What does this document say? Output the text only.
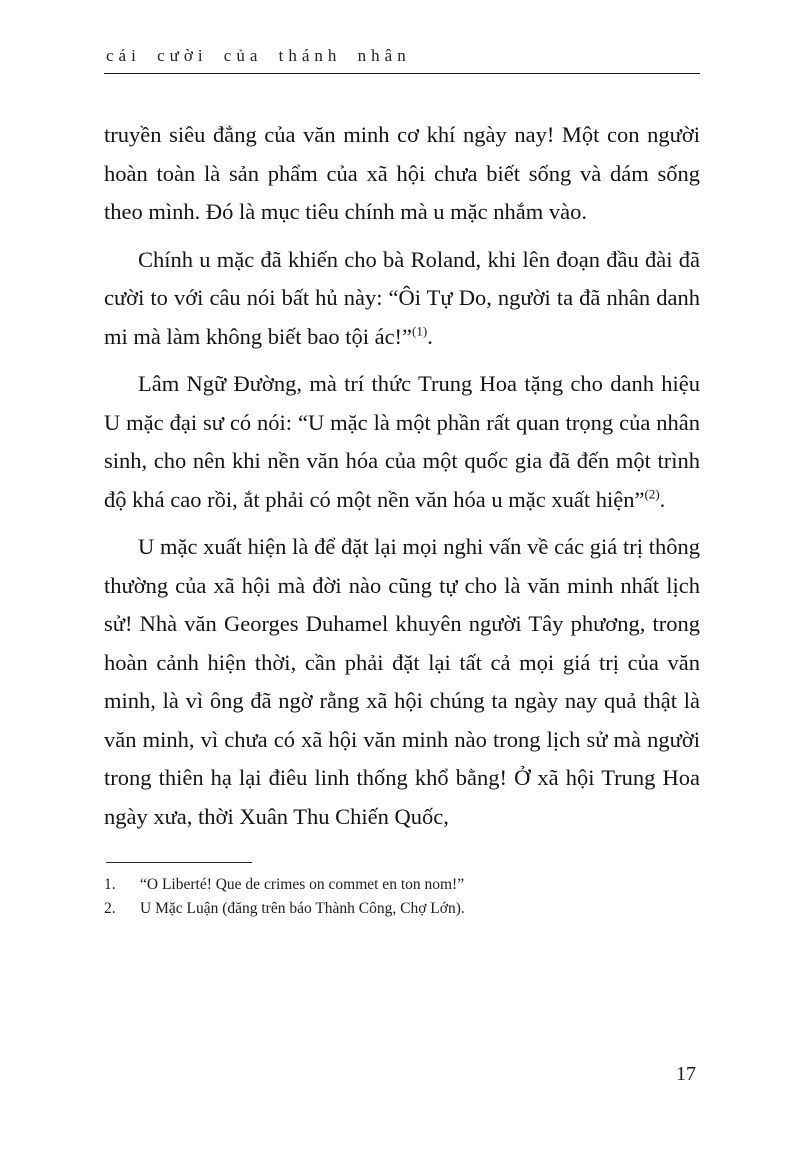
cái cười của thánh nhân

truyền siêu đẳng của văn minh cơ khí ngày nay! Một con người hoàn toàn là sản phẩm của xã hội chưa biết sống và dám sống theo mình. Đó là mục tiêu chính mà u mặc nhắm vào.

Chính u mặc đã khiến cho bà Roland, khi lên đoạn đầu đài đã cười to với câu nói bất hủ này: “Ôi Tự Do, người ta đã nhân danh mi mà làm không biết bao tội ác!”$^{(1)}$.

Lâm Ngữ Đường, mà trí thức Trung Hoa tặng cho danh hiệu U mặc đại sư có nói: “U mặc là một phần rất quan trọng của nhân sinh, cho nên khi nền văn hóa của một quốc gia đã đến một trình độ khá cao rồi, ắt phải có một nền văn hóa u mặc xuất hiện”$^{(2)}$.

U mặc xuất hiện là để đặt lại mọi nghi vấn về các giá trị thông thường của xã hội mà đời nào cũng tự cho là văn minh nhất lịch sử! Nhà văn Georges Duhamel khuyên người Tây phương, trong hoàn cảnh hiện thời, cần phải đặt lại tất cả mọi giá trị của văn minh, là vì ông đã ngờ rằng xã hội chúng ta ngày nay quả thật là văn minh, vì chưa có xã hội văn minh nào trong lịch sử mà người trong thiên hạ lại điêu linh thống khổ bằng! Ở xã hội Trung Hoa ngày xưa, thời Xuân Thu Chiến Quốc,

1.	“O Liberté! Que de crimes on commet en ton nom!”
2.	U Mặc Luận (đăng trên báo Thành Công, Chợ Lớn).
17
